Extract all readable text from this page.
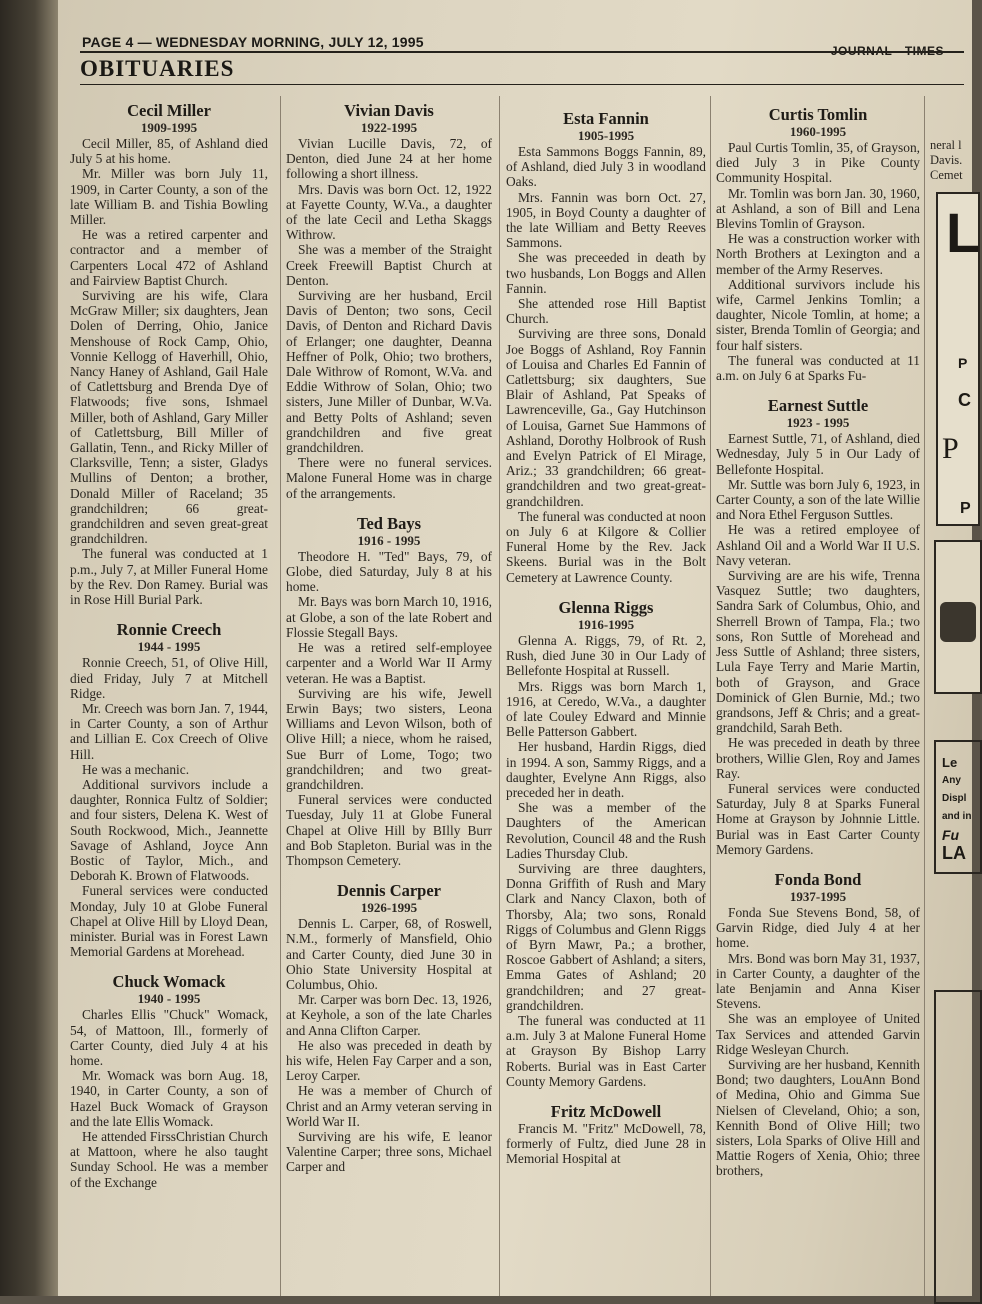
PAGE 4 — WEDNESDAY MORNING, JULY 12, 1995
OBITUARIES
Cecil Miller
1909-1995

Cecil Miller, 85, of Ashland died July 5 at his home.

Mr. Miller was born July 11, 1909, in Carter County, a son of the late William B. and Tishia Bowling Miller.

He was a retired carpenter and contractor and a member of Carpenters Local 472 of Ashland and Fairview Baptist Church.

Surviving are his wife, Clara McGraw Miller; six daughters, Jean Dolen of Derring, Ohio, Janice Menshouse of Rock Camp, Ohio, Vonnie Kellogg of Haverhill, Ohio, Nancy Haney of Ashland, Gail Hale of Catlettsburg and Brenda Dye of Flatwoods; five sons, Ishmael Miller, both of Ashland, Gary Miller of Catlettsburg, Bill Miller of Gallatin, Tenn., and Ricky Miller of Clarksville, Tenn; a sister, Gladys Mullins of Denton; a brother, Donald Miller of Raceland; 35 grandchildren; 66 great-grandchildren and seven great-great grandchildren.

The funeral was conducted at 1 p.m., July 7, at Miller Funeral Home by the Rev. Don Ramey. Burial was in Rose Hill Burial Park.

Ronnie Creech
1944 - 1995

Ronnie Creech, 51, of Olive Hill, died Friday, July 7 at Mitchell Ridge.

Mr. Creech was born Jan. 7, 1944, in Carter County, a son of Arthur and Lillian E. Cox Creech of Olive Hill.

He was a mechanic.

Additional survivors include a daughter, Ronnica Fultz of Soldier; and four sisters, Delena K. West of South Rockwood, Mich., Jeannette Savage of Ashland, Joyce Ann Bostic of Taylor, Mich., and Deborah K. Brown of Flatwoods.

Funeral services were conducted Monday, July 10 at Globe Funeral Chapel at Olive Hill by Lloyd Dean, minister. Burial was in Forest Lawn Memorial Gardens at Morehead.

Chuck Womack
1940 - 1995

Charles Ellis "Chuck" Womack, 54, of Mattoon, Ill., formerly of Carter County, died July 4 at his home.

Mr. Womack was born Aug. 18, 1940, in Carter County, a son of Hazel Buck Womack of Grayson and the late Ellis Womack.

He attended FirssChristian Church at Mattoon, where he also taught Sunday School. He was a member of the Exchange

Vivian Davis
1922-1995

Vivian Lucille Davis, 72, of Denton, died June 24 at her home following a short illness.

Mrs. Davis was born Oct. 12, 1922 at Fayette County, W.Va., a daughter of the late Cecil and Letha Skaggs Withrow.

She was a member of the Straight Creek Freewill Baptist Church at Denton.

Surviving are her husband, Ercil Davis of Denton; two sons, Cecil Davis, of Denton and Richard Davis of Erlanger; one daughter, Deanna Heffner of Polk, Ohio; two brothers, Dale Withrow of Romont, W.Va. and Eddie Withrow of Solan, Ohio; two sisters, June Miller of Dunbar, W.Va. and Betty Polts of Ashland; seven grandchildren and five great grandchildren.

There were no funeral services. Malone Funeral Home was in charge of the arrangements.

Ted Bays
1916 - 1995

Theodore H. "Ted" Bays, 79, of Globe, died Saturday, July 8 at his home.

Mr. Bays was born March 10, 1916, at Globe, a son of the late Robert and Flossie Stegall Bays.

He was a retired self-employee carpenter and a World War II Army veteran. He was a Baptist.

Surviving are his wife, Jewell Erwin Bays; two sisters, Leona Williams and Levon Wilson, both of Olive Hill; a niece, whom he raised, Sue Burr of Lome, Togo; two grandchildren; and two great-grandchildren.

Funeral services were conducted Tuesday, July 11 at Globe Funeral Chapel at Olive Hill by BIlly Burr and Bob Stapleton. Burial was in the Thompson Cemetery.

Dennis Carper
1926-1995

Dennis L. Carper, 68, of Roswell, N.M., formerly of Mansfield, Ohio and Carter County, died June 30 in Ohio State University Hospital at Columbus, Ohio.

Mr. Carper was born Dec. 13, 1926, at Keyhole, a son of the late Charles and Anna Clifton Carper.

He also was preceded in death by his wife, Helen Fay Carper and a son, Leroy Carper.

He was a member of Church of Christ and an Army veteran serving in World War II.

Surviving are his wife, E leanor Valentine Carper; three sons, Michael Carper and

Esta Fannin
1905-1995

Esta Sammons Boggs Fannin, 89, of Ashland, died July 3 in woodland Oaks.

Mrs. Fannin was born Oct. 27, 1905, in Boyd County a daughter of the late William and Betty Reeves Sammons.

She was preceeded in death by two husbands, Lon Boggs and Allen Fannin.

She attended rose Hill Baptist Church.

Surviving are three sons, Donald Joe Boggs of Ashland, Roy Fannin of Louisa and Charles Ed Fannin of Catlettsburg; six daughters, Sue Blair of Ashland, Pat Speaks of Lawrenceville, Ga., Gay Hutchinson of Louisa, Garnet Sue Hammons of Ashland, Dorothy Holbrook of Rush and Evelyn Patrick of El Mirage, Ariz.; 33 grandchildren; 66 great-grandchildren and two great-great-grandchildren.

The funeral was conducted at noon on July 6 at Kilgore & Collier Funeral Home by the Rev. Jack Skeens. Burial was in the Bolt Cemetery at Lawrence County.

Glenna Riggs
1916-1995

Glenna A. Riggs, 79, of Rt. 2, Rush, died June 30 in Our Lady of Bellefonte Hospital at Russell.

Mrs. Riggs was born March 1, 1916, at Ceredo, W.Va., a daughter of late Couley Edward and Minnie Belle Patterson Gabbert.

Her husband, Hardin Riggs, died in 1994. A son, Sammy Riggs, and a daughter, Evelyne Ann Riggs, also preceded her in death.

She was a member of the Daughters of the American Revolution, Council 48 and the Rush Ladies Thursday Club.

Surviving are three daughters, Donna Griffith of Rush and Mary Clark and Nancy Claxon, both of Thorsby, Ala; two sons, Ronald Riggs of Columbus and Glenn Riggs of Byrn Mawr, Pa.; a brother, Roscoe Gabbert of Ashland; a siters, Emma Gates of Ashland; 20 grandchildren; and 27 great-grandchildren.

The funeral was conducted at 11 a.m. July 3 at Malone Funeral Home at Grayson By Bishop Larry Roberts. Burial was in East Carter County Memory Gardens.

Fritz McDowell

Francis M. "Fritz" McDowell, 78, formerly of Fultz, died June 28 in Memorial Hospital at

Curtis Tomlin
1960-1995

Paul Curtis Tomlin, 35, of Grayson, died July 3 in Pike County Community Hospital.

Mr. Tomlin was born Jan. 30, 1960, at Ashland, a son of Bill and Lena Blevins Tomlin of Grayson.

He was a construction worker with North Brothers at Lexington and a member of the Army Reserves.

Additional survivors include his wife, Carmel Jenkins Tomlin; a daughter, Nicole Tomlin, at home; a sister, Brenda Tomlin of Georgia; and four half sisters.

The funeral was conducted at 11 a.m. on July 6 at Sparks Fu-

Earnest Suttle
1923 - 1995

Earnest Suttle, 71, of Ashland, died Wednesday, July 5 in Our Lady of Bellefonte Hospital.

Mr. Suttle was born July 6, 1923, in Carter County, a son of the late Willie and Nora Ethel Ferguson Suttles.

He was a retired employee of Ashland Oil and a World War II U.S. Navy veteran.

Surviving are are his wife, Trenna Vasquez Suttle; two daughters, Sandra Sark of Columbus, Ohio, and Sherrell Brown of Tampa, Fla.; two sons, Ron Suttle of Morehead and Jess Suttle of Ashland; three sisters, Lula Faye Terry and Marie Martin, both of Grayson, and Grace Dominick of Glen Burnie, Md.; two grandsons, Jeff & Chris; and a great-grandchild, Sarah Beth.

He was preceded in death by three brothers, Willie Glen, Roy and James Ray.

Funeral services were conducted Saturday, July 8 at Sparks Funeral Home at Grayson by Johnnie Little. Burial was in East Carter County Memory Gardens.

Fonda Bond
1937-1995

Fonda Sue Stevens Bond, 58, of Garvin Ridge, died July 4 at her home.

Mrs. Bond was born May 31, 1937, in Carter County, a daughter of the late Benjamin and Anna Kiser Stevens.

She was an employee of United Tax Services and attended Garvin Ridge Wesleyan Church.

Surviving are her husband, Kennith Bond; two daughters, LouAnn Bond of Medina, Ohio and Gimma Sue Nielsen of Cleveland, Ohio; a son, Kennith Bond of Olive Hill; two sisters, Lola Sparks of Olive Hill and Mattie Rogers of Xenia, Ohio; three brothers,

neral l
Davis.
Cemet
L
P
C
P
P
Le
Any
Displ
and in
Fu
LA
